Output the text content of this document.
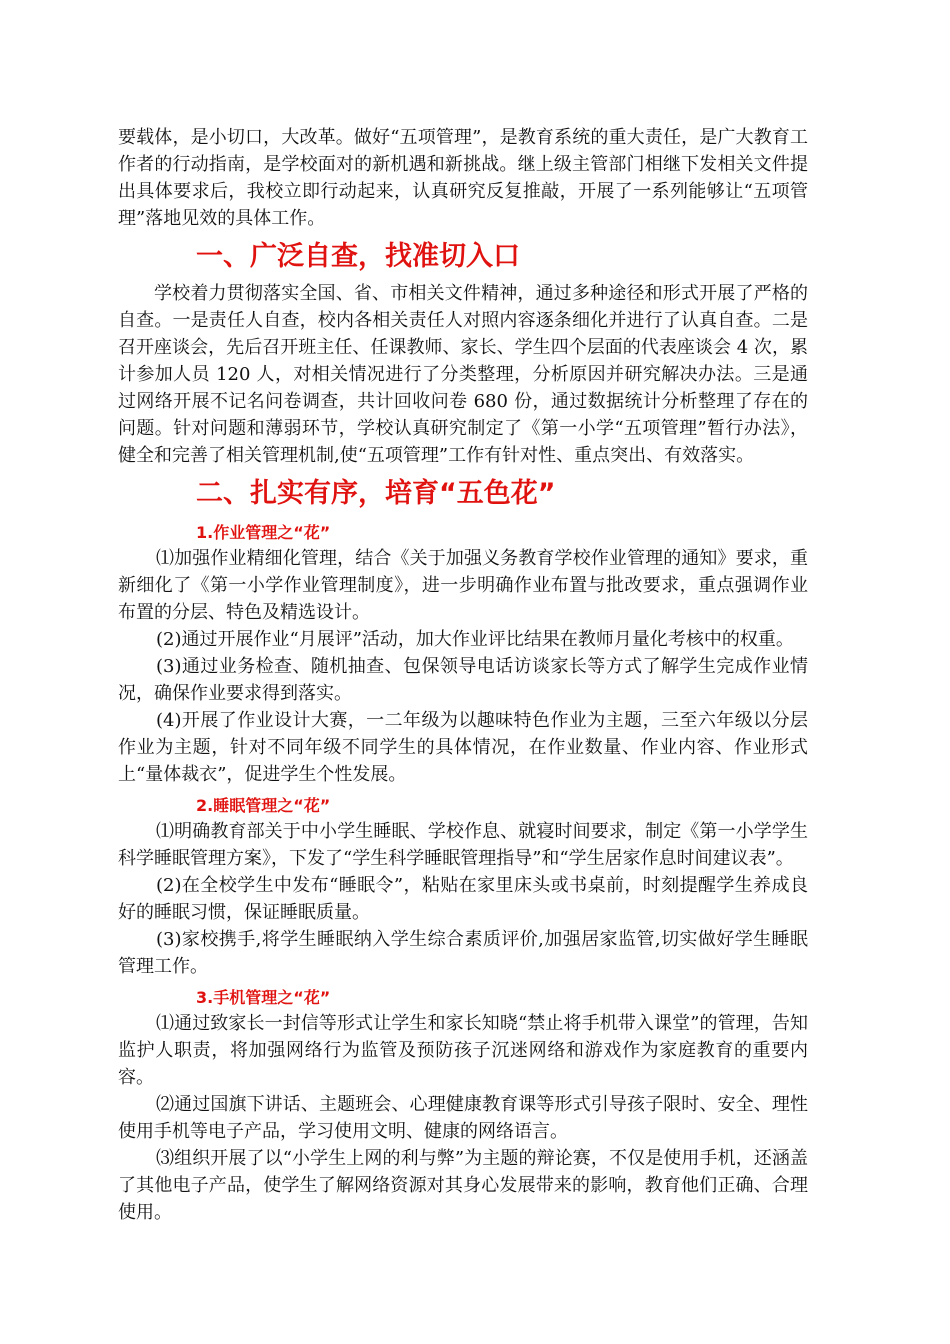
要载体，是小切口，大改革。做好“五项管理”，是教育系统的重大责任，是广大教育工作者的行动指南，是学校面对的新机遇和新挑战。继上级主管部门相继下发相关文件提出具体要求后，我校立即行动起来，认真研究反复推敲，开展了一系列能够让“五项管理”落地见效的具体工作。

一、广泛自查，找准切入口

学校着力贯彻落实全国、省、市相关文件精神，通过多种途径和形式开展了严格的自查。一是责任人自查，校内各相关责任人对照内容逐条细化并进行了认真自查。二是召开座谈会，先后召开班主任、任课教师、家长、学生四个层面的代表座谈会 4 次，累计参加人员 120 人，对相关情况进行了分类整理，分析原因并研究解决办法。三是通过网络开展不记名问卷调查，共计回收问卷 680 份，通过数据统计分析整理了存在的问题。针对问题和薄弱环节，学校认真研究制定了《第一小学“五项管理”暂行办法》，健全和完善了相关管理机制,使“五项管理”工作有针对性、重点突出、有效落实。

二、扎实有序，培育“五色花”
1.作业管理之“花”

⑴加强作业精细化管理，结合《关于加强义务教育学校作业管理的通知》要求，重新细化了《第一小学作业管理制度》，进一步明确作业布置与批改要求，重点强调作业布置的分层、特色及精选设计。

(2)通过开展作业“月展评”活动，加大作业评比结果在教师月量化考核中的权重。

(3)通过业务检查、随机抽查、包保领导电话访谈家长等方式了解学生完成作业情况，确保作业要求得到落实。

(4)开展了作业设计大赛，一二年级为以趣味特色作业为主题，三至六年级以分层作业为主题，针对不同年级不同学生的具体情况，在作业数量、作业内容、作业形式上“量体裁衣”，促进学生个性发展。

2.睡眠管理之“花”

⑴明确教育部关于中小学生睡眠、学校作息、就寝时间要求，制定《第一小学学生科学睡眠管理方案》，下发了“学生科学睡眠管理指导”和“学生居家作息时间建议表”。

(2)在全校学生中发布“睡眠令”，粘贴在家里床头或书桌前，时刻提醒学生养成良好的睡眠习惯，保证睡眠质量。

(3)家校携手,将学生睡眠纳入学生综合素质评价,加强居家监管,切实做好学生睡眠管理工作。

3.手机管理之“花”

⑴通过致家长一封信等形式让学生和家长知晓“禁止将手机带入课堂”的管理，告知监护人职责，将加强网络行为监管及预防孩子沉迷网络和游戏作为家庭教育的重要内容。

⑵通过国旗下讲话、主题班会、心理健康教育课等形式引导孩子限时、安全、理性使用手机等电子产品，学习使用文明、健康的网络语言。

⑶组织开展了以“小学生上网的利与弊”为主题的辩论赛，不仅是使用手机，还涵盖了其他电子产品，使学生了解网络资源对其身心发展带来的影响，教育他们正确、合理使用。
